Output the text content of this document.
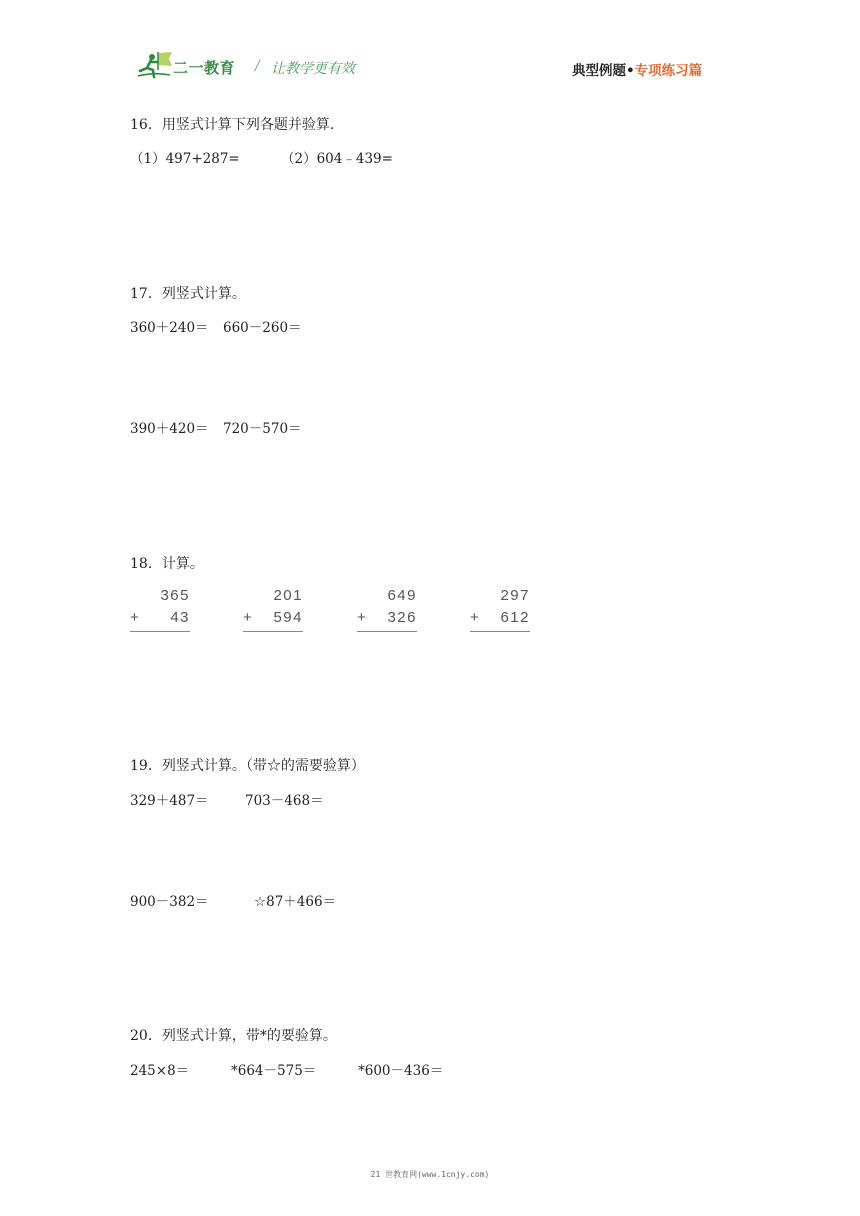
二一教育 / 让教学更有效	典型例题•专项练习篇
16．用竖式计算下列各题并验算.
（1）497+287=	（2）604﹣439=
17．列竖式计算。
360＋240＝ 660－260＝
390＋420＝ 720－570＝
18．计算。
365
+ 43
201
+ 594
649
+ 326
297
+ 612
19．列竖式计算。（带☆的需要验算）
329＋487＝	703－468＝
900－382＝	☆87＋466＝
20．列竖式计算，带*的要验算。
245×8＝	*664－575＝	*600－436＝
21 世教育网(www.1cnjy.com)
